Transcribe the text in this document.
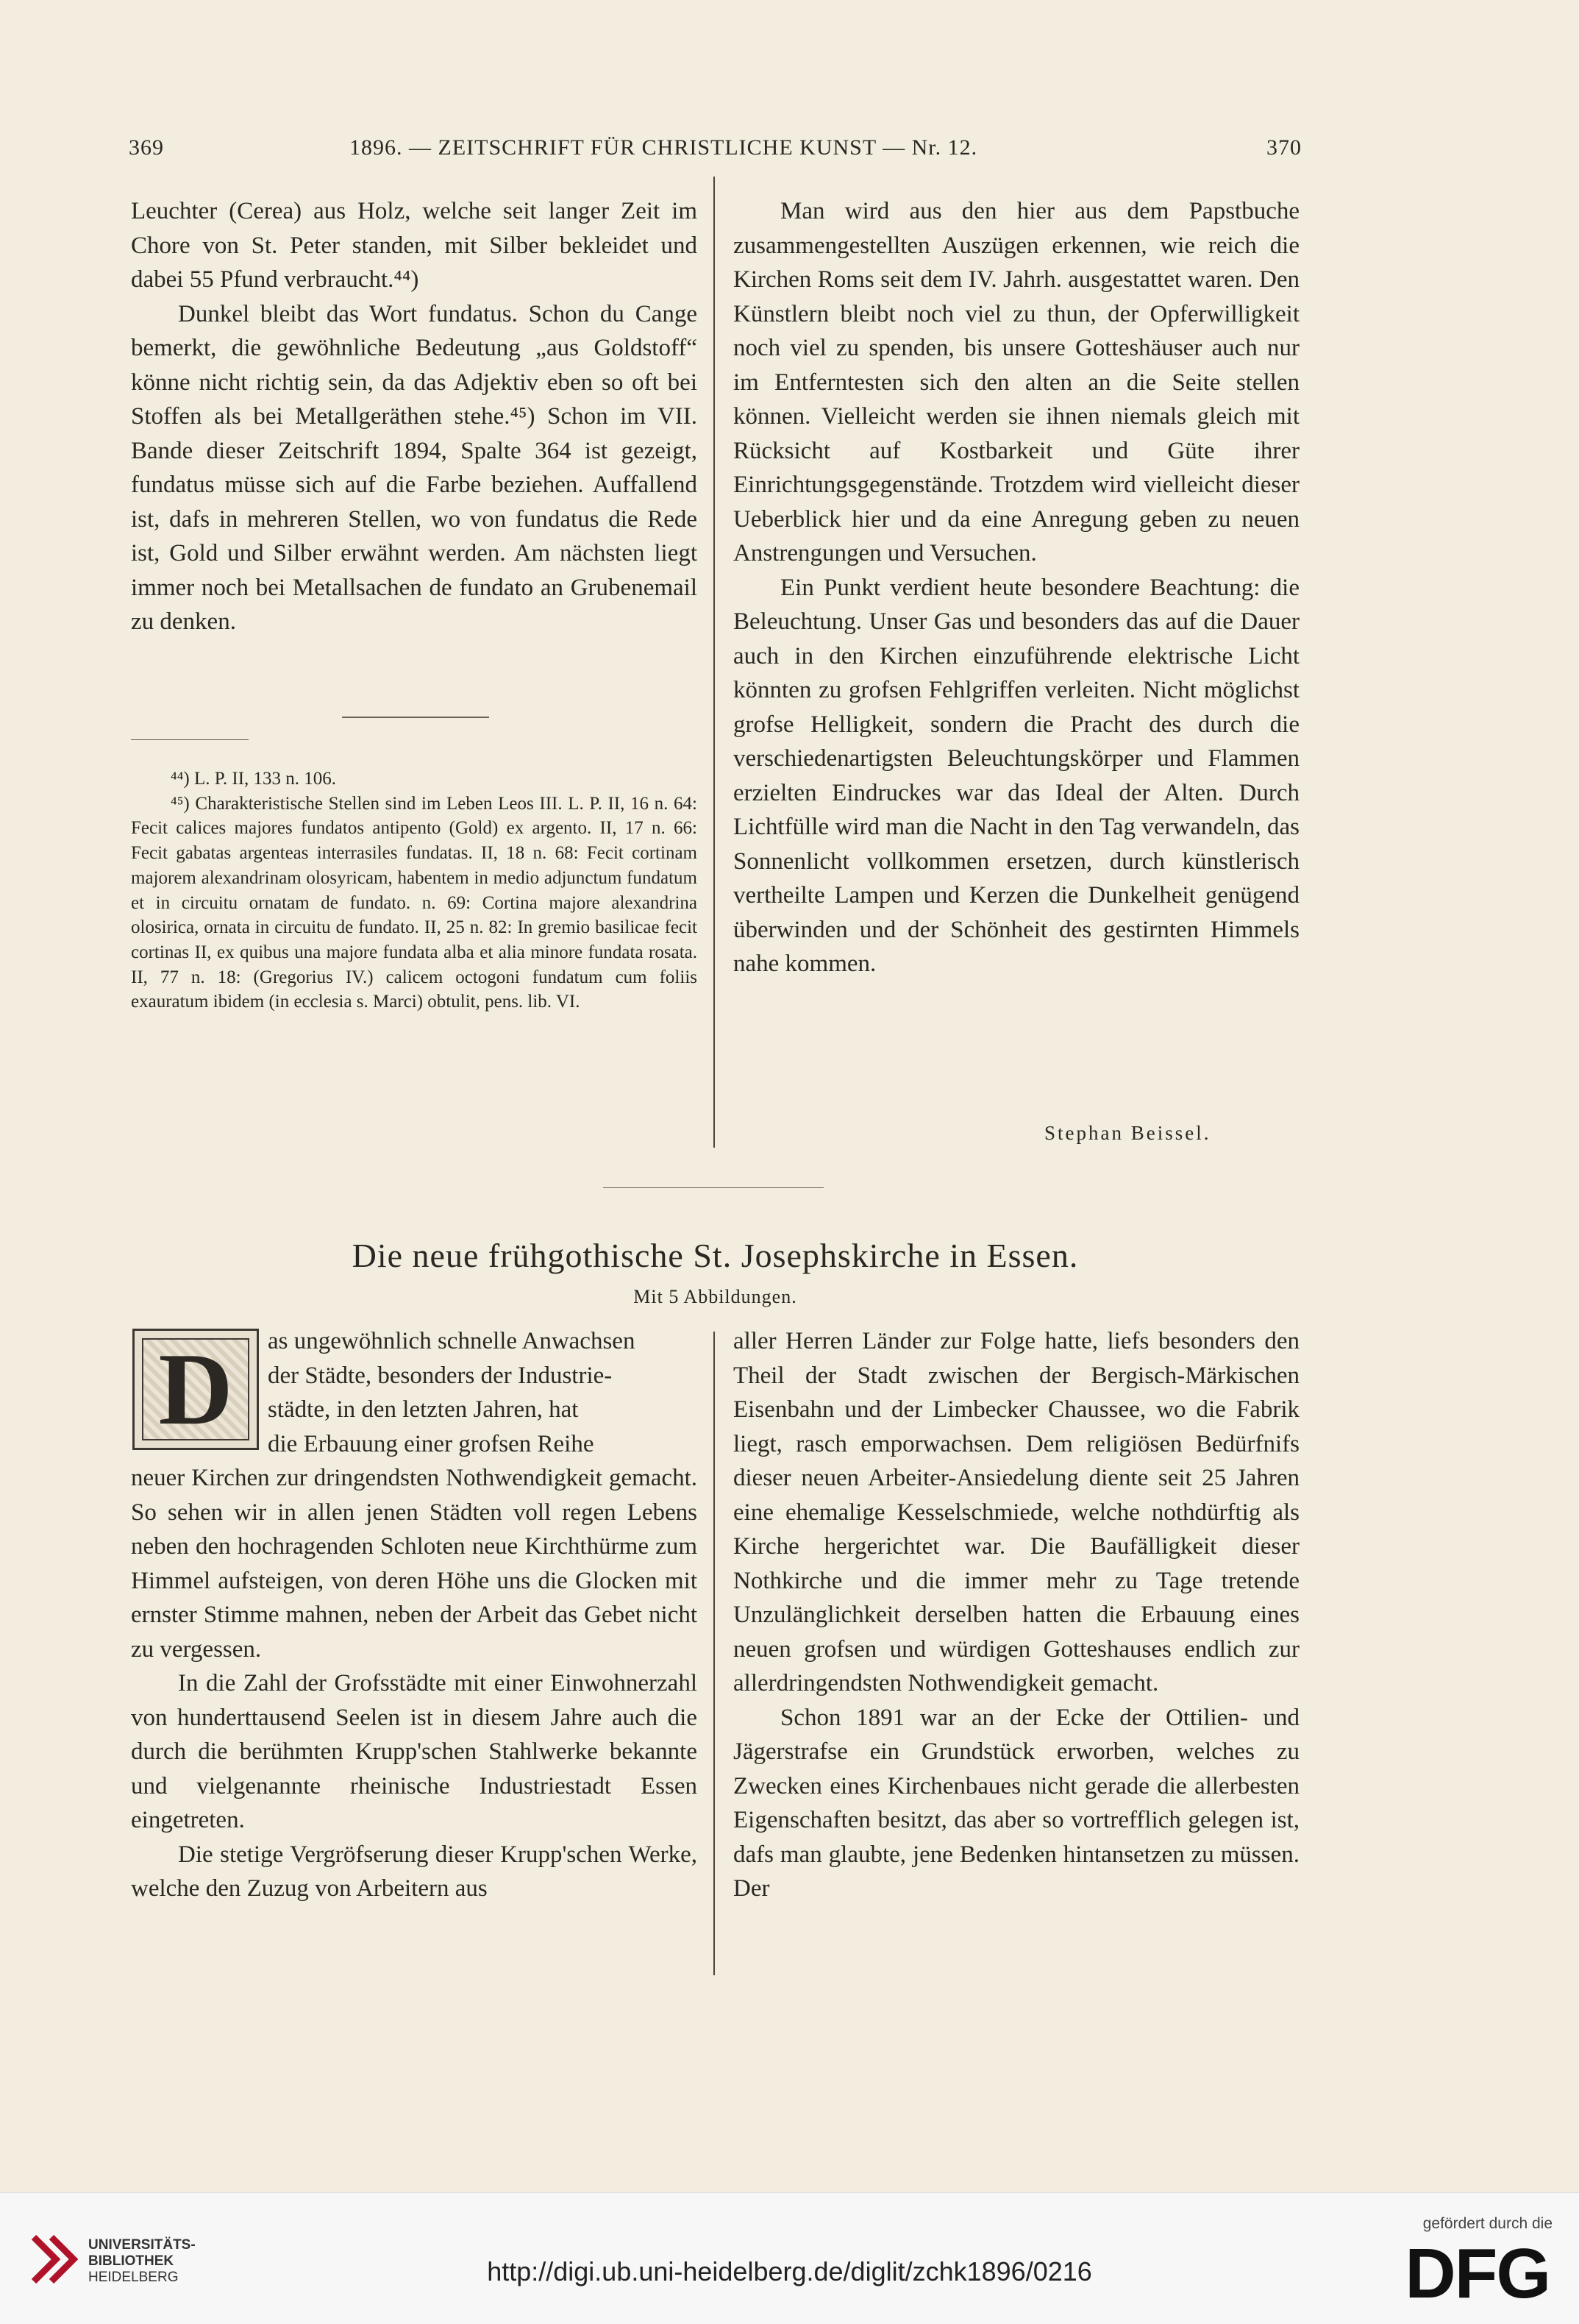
369	1896. — ZEITSCHRIFT FÜR CHRISTLICHE KUNST — Nr. 12.	370

Leuchter (Cerea) aus Holz, welche seit langer Zeit im Chore von St. Peter standen, mit Silber bekleidet und dabei 55 Pfund verbraucht.⁴⁴)

Dunkel bleibt das Wort fundatus. Schon du Cange bemerkt, die gewöhnliche Bedeutung „aus Goldstoff“ könne nicht richtig sein, da das Adjektiv eben so oft bei Stoffen als bei Metallgeräthen stehe.⁴⁵) Schon im VII. Bande dieser Zeitschrift 1894, Spalte 364 ist gezeigt, fundatus müsse sich auf die Farbe beziehen. Auffallend ist, dafs in mehreren Stellen, wo von fundatus die Rede ist, Gold und Silber erwähnt werden. Am nächsten liegt immer noch bei Metallsachen de fundato an Grubenemail zu denken.

⁴⁴) L. P. II, 133 n. 106.

⁴⁵) Charakteristische Stellen sind im Leben Leos III. L. P. II, 16 n. 64: Fecit calices majores fundatos antipento (Gold) ex argento. II, 17 n. 66: Fecit gabatas argenteas interrasiles fundatas. II, 18 n. 68: Fecit cortinam majorem alexandrinam olosyricam, habentem in medio adjunctum fundatum et in circuitu ornatam de fundato. n. 69: Cortina majore alexandrina olosirica, ornata in circuitu de fundato. II, 25 n. 82: In gremio basilicae fecit cortinas II, ex quibus una majore fundata alba et alia minore fundata rosata. II, 77 n. 18: (Gregorius IV.) calicem octogoni fundatum cum foliis exauratum ibidem (in ecclesia s. Marci) obtulit, pens. lib. VI.

Man wird aus den hier aus dem Papstbuche zusammengestellten Auszügen erkennen, wie reich die Kirchen Roms seit dem IV. Jahrh. ausgestattet waren. Den Künstlern bleibt noch viel zu thun, der Opferwilligkeit noch viel zu spenden, bis unsere Gotteshäuser auch nur im Entferntesten sich den alten an die Seite stellen können. Vielleicht werden sie ihnen niemals gleich mit Rücksicht auf Kostbarkeit und Güte ihrer Einrichtungsgegenstände. Trotzdem wird vielleicht dieser Ueberblick hier und da eine Anregung geben zu neuen Anstrengungen und Versuchen.

Ein Punkt verdient heute besondere Beachtung: die Beleuchtung. Unser Gas und besonders das auf die Dauer auch in den Kirchen einzuführende elektrische Licht könnten zu grofsen Fehlgriffen verleiten. Nicht möglichst grofse Helligkeit, sondern die Pracht des durch die verschiedenartigsten Beleuchtungskörper und Flammen erzielten Eindruckes war das Ideal der Alten. Durch Lichtfülle wird man die Nacht in den Tag verwandeln, das Sonnenlicht vollkommen ersetzen, durch künstlerisch vertheilte Lampen und Kerzen die Dunkelheit genügend überwinden und der Schönheit des gestirnten Himmels nahe kommen.

Stephan Beissel.
Die neue frühgothische St. Josephskirche in Essen.
Mit 5 Abbildungen.
D	as ungewöhnlich schnelle Anwachsen

der Städte, besonders der Industrie-

städte, in den letzten Jahren, hat

die Erbauung einer grofsen Reihe

neuer Kirchen zur dringendsten Nothwendigkeit gemacht. So sehen wir in allen jenen Städten voll regen Lebens neben den hochragenden Schloten neue Kirchthürme zum Himmel aufsteigen, von deren Höhe uns die Glocken mit ernster Stimme mahnen, neben der Arbeit das Gebet nicht zu vergessen.

In die Zahl der Grofsstädte mit einer Einwohnerzahl von hunderttausend Seelen ist in diesem Jahre auch die durch die berühmten Krupp'schen Stahlwerke bekannte und vielgenannte rheinische Industriestadt Essen eingetreten.

Die stetige Vergröfserung dieser Krupp'schen Werke, welche den Zuzug von Arbeitern aus

aller Herren Länder zur Folge hatte, liefs besonders den Theil der Stadt zwischen der Bergisch-Märkischen Eisenbahn und der Limbecker Chaussee, wo die Fabrik liegt, rasch emporwachsen. Dem religiösen Bedürfnifs dieser neuen Arbeiter-Ansiedelung diente seit 25 Jahren eine ehemalige Kesselschmiede, welche nothdürftig als Kirche hergerichtet war. Die Baufälligkeit dieser Nothkirche und die immer mehr zu Tage tretende Unzulänglichkeit derselben hatten die Erbauung eines neuen grofsen und würdigen Gotteshauses endlich zur allerdringendsten Nothwendigkeit gemacht.

Schon 1891 war an der Ecke der Ottilien- und Jägerstrafse ein Grundstück erworben, welches zu Zwecken eines Kirchenbaues nicht gerade die allerbesten Eigenschaften besitzt, das aber so vortrefflich gelegen ist, dafs man glaubte, jene Bedenken hintansetzen zu müssen. Der

UNIVERSITÄTS-
BIBLIOTHEK
HEIDELBERG	http://digi.ub.uni-heidelberg.de/diglit/zchk1896/0216
gefördert durch die
DFG
